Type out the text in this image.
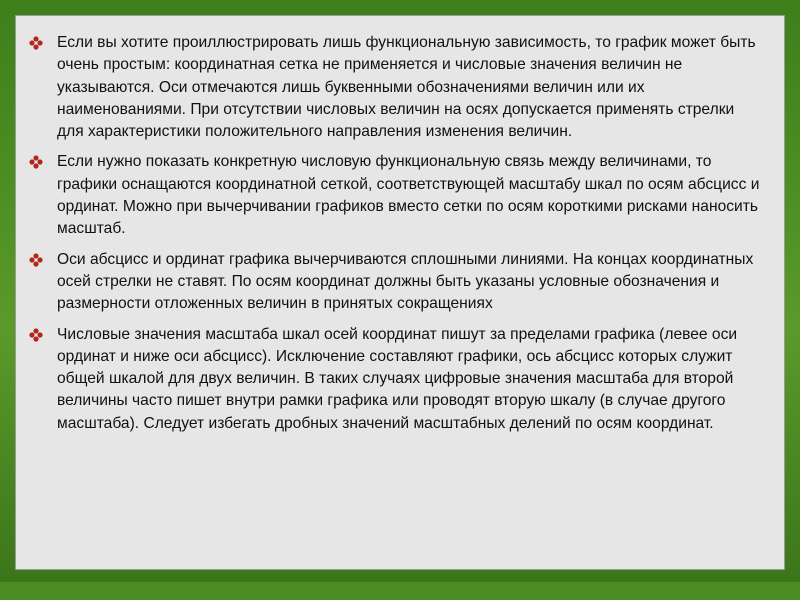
Если вы хотите проиллюстрировать лишь функциональную зависимость, то график может быть очень простым: координатная сетка не применяется и числовые значения величин не указываются. Оси отмечаются лишь буквенными обозначениями величин или их наименованиями. При отсутствии числовых величин на осях допускается применять стрелки для характеристики положительного направления изменения величин.
Если нужно показать конкретную числовую функциональную связь между величинами, то графики оснащаются координатной сеткой, соответствующей масштабу шкал по осям абсцисс и ординат. Можно при вычерчивании графиков вместо сетки по осям короткими рисками наносить масштаб.
Оси абсцисс и ординат графика вычерчиваются сплошными линиями. На концах координатных осей стрелки не ставят. По осям координат должны быть указаны условные обозначения и размерности отложенных величин в принятых сокращениях
Числовые значения масштаба шкал осей координат пишут за пределами графика (левее оси ординат и ниже оси абсцисс). Исключение составляют графики, ось абсцисс которых служит общей шкалой для двух величин. В таких случаях цифровые значения масштаба для второй величины часто пишет внутри рамки графика или проводят вторую шкалу (в случае другого масштаба). Следует избегать дробных значений масштабных делений по осям координат.
